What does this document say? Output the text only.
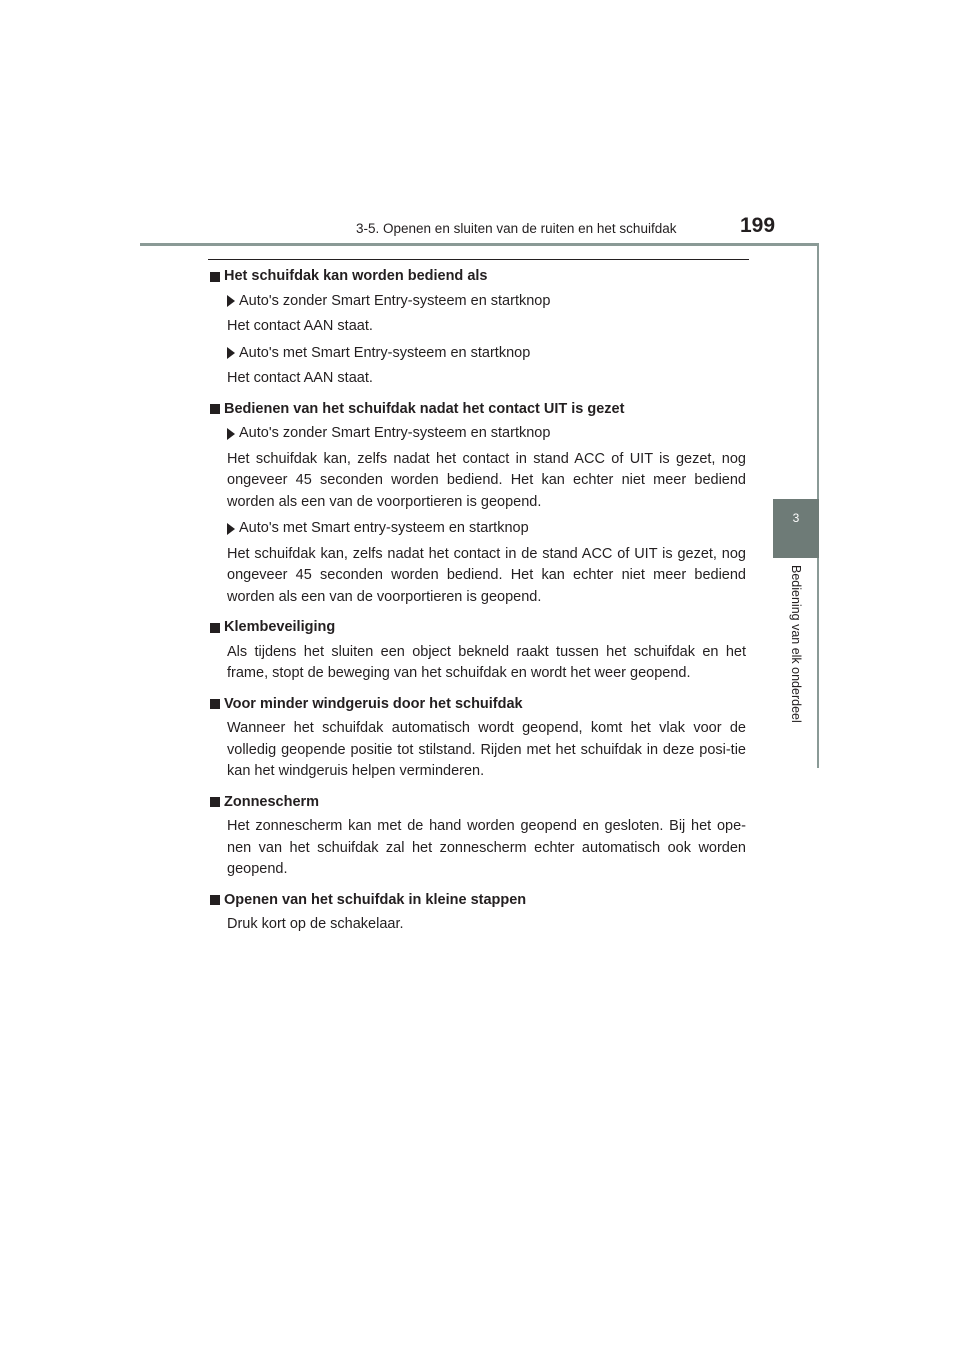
3-5. Openen en sluiten van de ruiten en het schuifdak	199
3
Bediening van elk onderdeel
Het schuifdak kan worden bediend als
Auto's zonder Smart Entry-systeem en startknop
Het contact AAN staat.
Auto's met Smart Entry-systeem en startknop
Het contact AAN staat.
Bedienen van het schuifdak nadat het contact UIT is gezet
Auto's zonder Smart Entry-systeem en startknop
Het schuifdak kan, zelfs nadat het contact in stand ACC of UIT is gezet, nog ongeveer 45 seconden worden bediend. Het kan echter niet meer bediend worden als een van de voorportieren is geopend.
Auto's met Smart entry-systeem en startknop
Het schuifdak kan, zelfs nadat het contact in de stand ACC of UIT is gezet, nog ongeveer 45 seconden worden bediend. Het kan echter niet meer bediend worden als een van de voorportieren is geopend.
Klembeveiliging
Als tijdens het sluiten een object bekneld raakt tussen het schuifdak en het frame, stopt de beweging van het schuifdak en wordt het weer geopend.
Voor minder windgeruis door het schuifdak
Wanneer het schuifdak automatisch wordt geopend, komt het vlak voor de volledig geopende positie tot stilstand. Rijden met het schuifdak in deze posi-tie kan het windgeruis helpen verminderen.
Zonnescherm
Het zonnescherm kan met de hand worden geopend en gesloten. Bij het ope-nen van het schuifdak zal het zonnescherm echter automatisch ook worden geopend.
Openen van het schuifdak in kleine stappen
Druk kort op de schakelaar.
